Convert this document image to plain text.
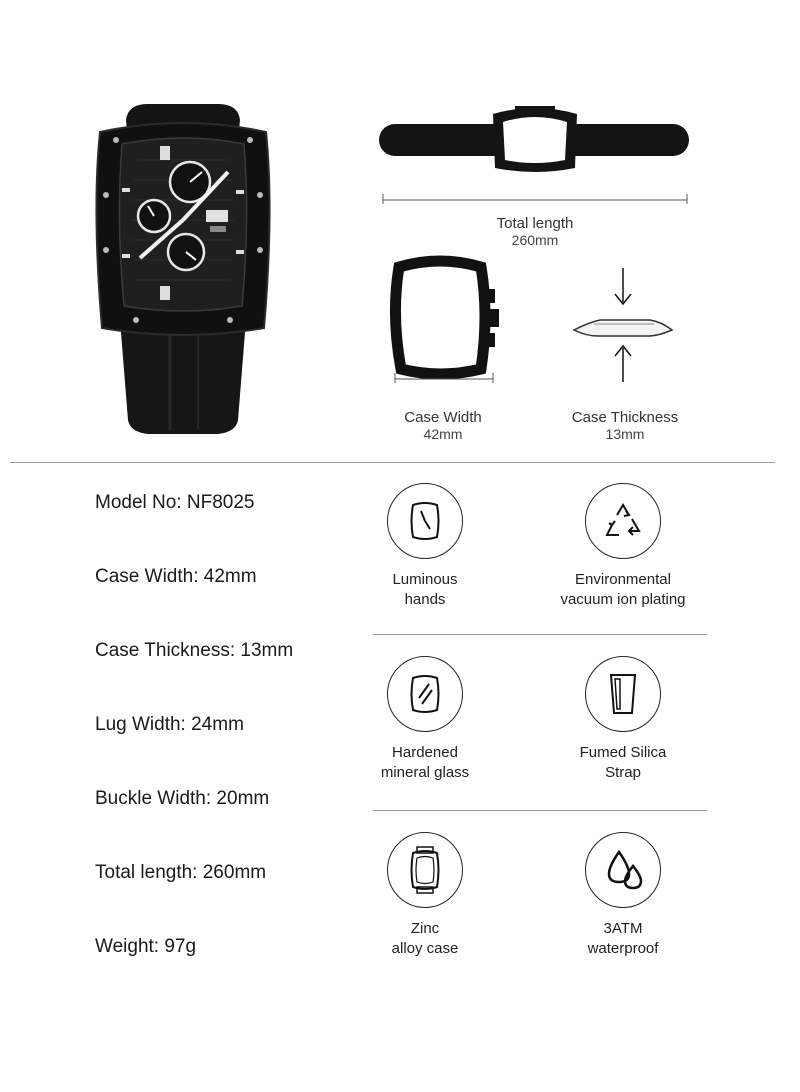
Total length
260mm
Case Width
42mm
Case Thickness
13mm
Model No: NF8025
Case Width: 42mm
Case Thickness: 13mm
Lug Width: 24mm
Buckle Width: 20mm
Total length: 260mm
Weight: 97g
Luminous
hands
Environmental
vacuum ion plating
Hardened
mineral glass
Fumed Silica
Strap
Zinc
alloy case
3ATM
waterproof
